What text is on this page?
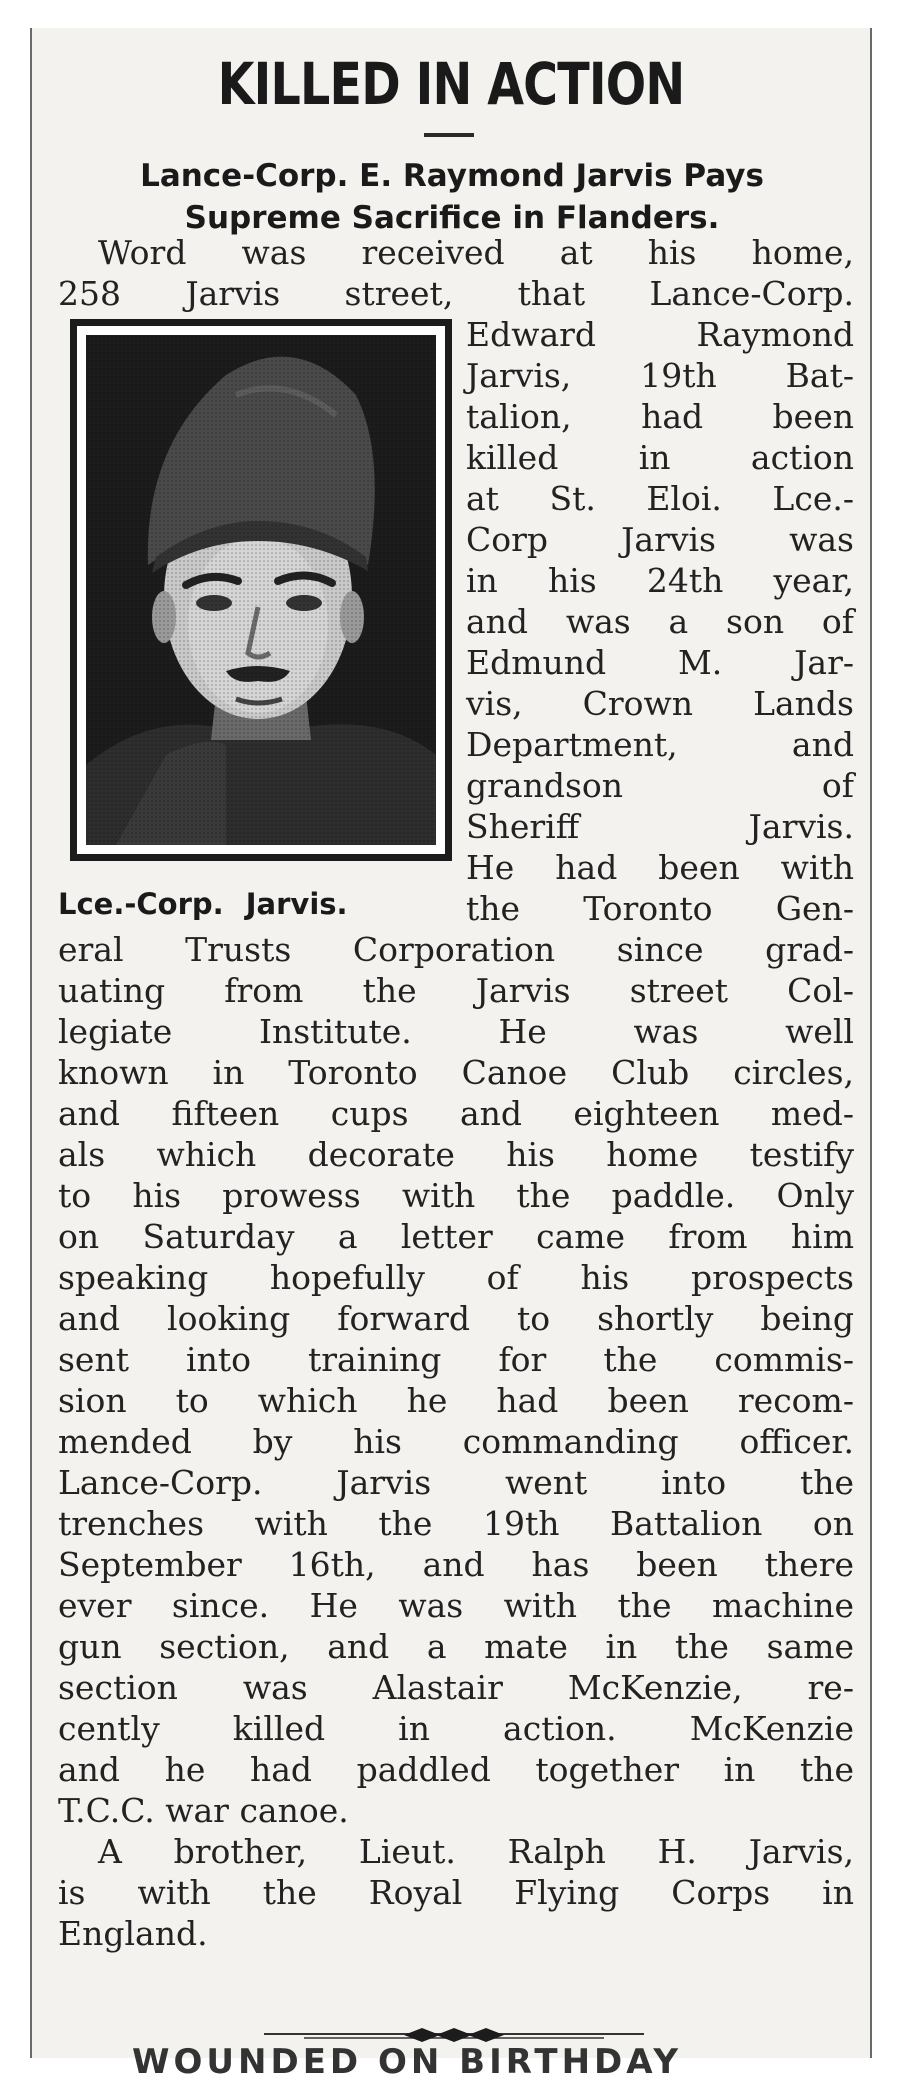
KILLED IN ACTION
Lance-Corp. E. Raymond Jarvis Pays
Supreme Sacrifice in Flanders.
Word was received at his home,
258 Jarvis street, that Lance-Corp.
Edward Raymond
Jarvis, 19th Bat-
talion, had been
killed in action
at St. Eloi. Lce.-
Corp Jarvis was
in his 24th year,
and was a son of
Edmund M. Jar-
vis, Crown Lands
Department, and
grandson of
Sheriff Jarvis.
He had been with
the Toronto Gen-
eral Trusts Corporation since grad-
uating from the Jarvis street Col-
legiate Institute. He was well
known in Toronto Canoe Club circles,
and fifteen cups and eighteen med-
als which decorate his home testify
to his prowess with the paddle. Only
on Saturday a letter came from him
speaking hopefully of his prospects
and looking forward to shortly being
sent into training for the commis-
sion to which he had been recom-
mended by his commanding officer.
Lance-Corp. Jarvis went into the
trenches with the 19th Battalion on
September 16th, and has been there
ever since. He was with the machine
gun section, and a mate in the same
section was Alastair McKenzie, re-
cently killed in action. McKenzie
and he had paddled together in the
T.C.C. war canoe.
A brother, Lieut. Ralph H. Jarvis,
is with the Royal Flying Corps in
England.
Lce.-Corp. Jarvis.
WOUNDED ON BIRTHDAY
